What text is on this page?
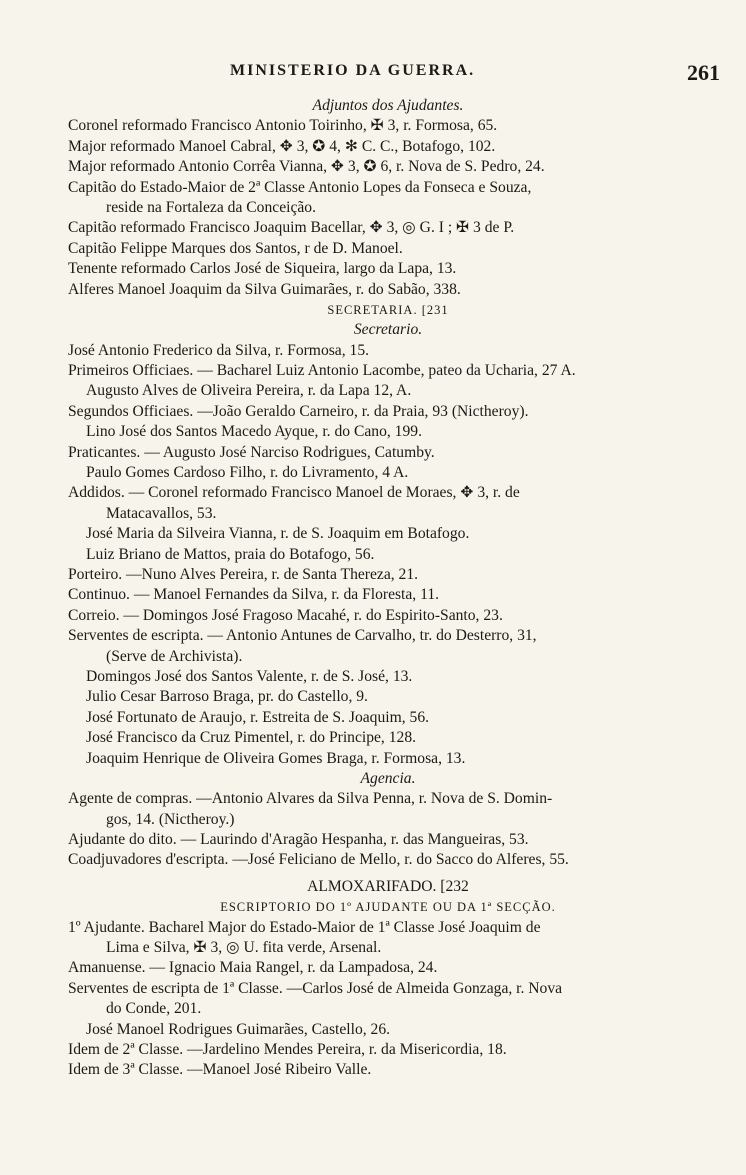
MINISTERIO DA GUERRA.	261
Adjuntos dos Ajudantes.
Coronel reformado Francisco Antonio Toirinho, ✠ 3, r. Formosa, 65.
Major reformado Manoel Cabral, ✥ 3, ✪ 4, ✻ C. C., Botafogo, 102.
Major reformado Antonio Corrêa Vianna, ✥ 3, ✪ 6, r. Nova de S. Pedro, 24.
Capitão do Estado-Maior de 2ª Classe Antonio Lopes da Fonseca e Souza,
reside na Fortaleza da Conceição.
Capitão reformado Francisco Joaquim Bacellar, ✥ 3, ◎ G. I ; ✠ 3 de P.
Capitão Felippe Marques dos Santos, r de D. Manoel.
Tenente reformado Carlos José de Siqueira, largo da Lapa, 13.
Alferes Manoel Joaquim da Silva Guimarães, r. do Sabão, 338.
SECRETARIA. [231
Secretario.
José Antonio Frederico da Silva, r. Formosa, 15.
Primeiros Officiaes. — Bacharel Luiz Antonio Lacombe, pateo da Ucharia, 27 A.
Augusto Alves de Oliveira Pereira, r. da Lapa 12, A.
Segundos Officiaes. —João Geraldo Carneiro, r. da Praia, 93 (Nictheroy).
Lino José dos Santos Macedo Ayque, r. do Cano, 199.
Praticantes. — Augusto José Narciso Rodrigues, Catumby.
Paulo Gomes Cardoso Filho, r. do Livramento, 4 A.
Addidos. — Coronel reformado Francisco Manoel de Moraes, ✥ 3, r. de
Matacavallos, 53.
José Maria da Silveira Vianna, r. de S. Joaquim em Botafogo.
Luiz Briano de Mattos, praia do Botafogo, 56.
Porteiro. —Nuno Alves Pereira, r. de Santa Thereza, 21.
Continuo. — Manoel Fernandes da Silva, r. da Floresta, 11.
Correio. — Domingos José Fragoso Macahé, r. do Espirito-Santo, 23.
Serventes de escripta. — Antonio Antunes de Carvalho, tr. do Desterro, 31,
(Serve de Archivista).
Domingos José dos Santos Valente, r. de S. José, 13.
Julio Cesar Barroso Braga, pr. do Castello, 9.
José Fortunato de Araujo, r. Estreita de S. Joaquim, 56.
José Francisco da Cruz Pimentel, r. do Principe, 128.
Joaquim Henrique de Oliveira Gomes Braga, r. Formosa, 13.
Agencia.
Agente de compras. —Antonio Alvares da Silva Penna, r. Nova de S. Domin-
gos, 14. (Nictheroy.)
Ajudante do dito. — Laurindo d'Aragão Hespanha, r. das Mangueiras, 53.
Coadjuvadores d'escripta. —José Feliciano de Mello, r. do Sacco do Alferes, 55.
ALMOXARIFADO. [232
ESCRIPTORIO DO 1º AJUDANTE OU DA 1ª SECÇÃO.
1º Ajudante. Bacharel Major do Estado-Maior de 1ª Classe José Joaquim de
Lima e Silva, ✠ 3, ◎ U. fita verde, Arsenal.
Amanuense. — Ignacio Maia Rangel, r. da Lampadosa, 24.
Serventes de escripta de 1ª Classe. —Carlos José de Almeida Gonzaga, r. Nova
do Conde, 201.
José Manoel Rodrigues Guimarães, Castello, 26.
Idem de 2ª Classe. —Jardelino Mendes Pereira, r. da Misericordia, 18.
Idem de 3ª Classe. —Manoel José Ribeiro Valle.
